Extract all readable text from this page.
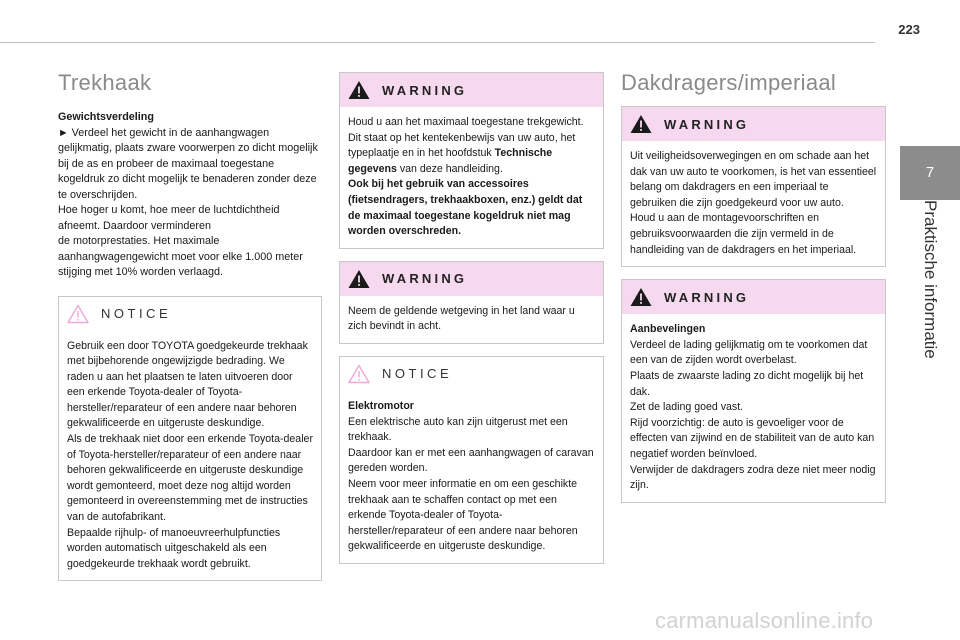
223
7
Praktische informatie
Trekhaak

Gewichtsverdeling

► Verdeel het gewicht in de aanhangwagen gelijkmatig, plaats zware voorwerpen zo dicht mogelijk bij de as en probeer de maximaal toegestane kogeldruk zo dicht mogelijk te benaderen zonder deze te overschrijden.
Hoe hoger u komt, hoe meer de luchtdichtheid afneemt. Daardoor verminderen
de motorprestaties. Het maximale aanhangwagengewicht moet voor elke 1.000 meter stijging met 10% worden verlaagd.

NOTICE

Gebruik een door TOYOTA goedgekeurde trekhaak met bijbehorende ongewijzigde bedrading. We raden u aan het plaatsen te laten uitvoeren door een erkende Toyota-dealer of Toyota-hersteller/reparateur of een andere naar behoren gekwalificeerde en uitgeruste deskundige.
Als de trekhaak niet door een erkende Toyota-dealer of Toyota-hersteller/reparateur of een andere naar behoren gekwalificeerde en uitgeruste deskundige wordt gemonteerd, moet deze nog altijd worden gemonteerd in overeenstemming met de instructies van de autofabrikant.
Bepaalde rijhulp- of manoeuvreerhulpfuncties worden automatisch uitgeschakeld als een goedgekeurde trekhaak wordt gebruikt.

WARNING

Houd u aan het maximaal toegestane trekgewicht. Dit staat op het kentekenbewijs van uw auto, het typeplaatje en in het hoofdstuk Technische gegevens van deze handleiding.
Ook bij het gebruik van accessoires (fietsendragers, trekhaakboxen, enz.) geldt dat de maximaal toegestane kogeldruk niet mag worden overschreden.

WARNING

Neem de geldende wetgeving in het land waar u zich bevindt in acht.

NOTICE

Elektromotor

Een elektrische auto kan zijn uitgerust met een trekhaak.
Daardoor kan er met een aanhangwagen of caravan gereden worden.
Neem voor meer informatie en om een geschikte trekhaak aan te schaffen contact op met een erkende Toyota-dealer of Toyota-hersteller/reparateur of een andere naar behoren gekwalificeerde en uitgeruste deskundige.

Dakdragers/imperiaal
WARNING

Uit veiligheidsoverwegingen en om schade aan het dak van uw auto te voorkomen, is het van essentieel belang om dakdragers en een imperiaal te gebruiken die zijn goedgekeurd voor uw auto.
Houd u aan de montagevoorschriften en gebruiksvoorwaarden die zijn vermeld in de handleiding van de dakdragers en het imperiaal.

WARNING

Aanbevelingen

Verdeel de lading gelijkmatig om te voorkomen dat een van de zijden wordt overbelast.
Plaats de zwaarste lading zo dicht mogelijk bij het dak.
Zet de lading goed vast.
Rijd voorzichtig: de auto is gevoeliger voor de effecten van zijwind en de stabiliteit van de auto kan negatief worden beïnvloed.
Verwijder de dakdragers zodra deze niet meer nodig zijn.

carmanualsonline.info
